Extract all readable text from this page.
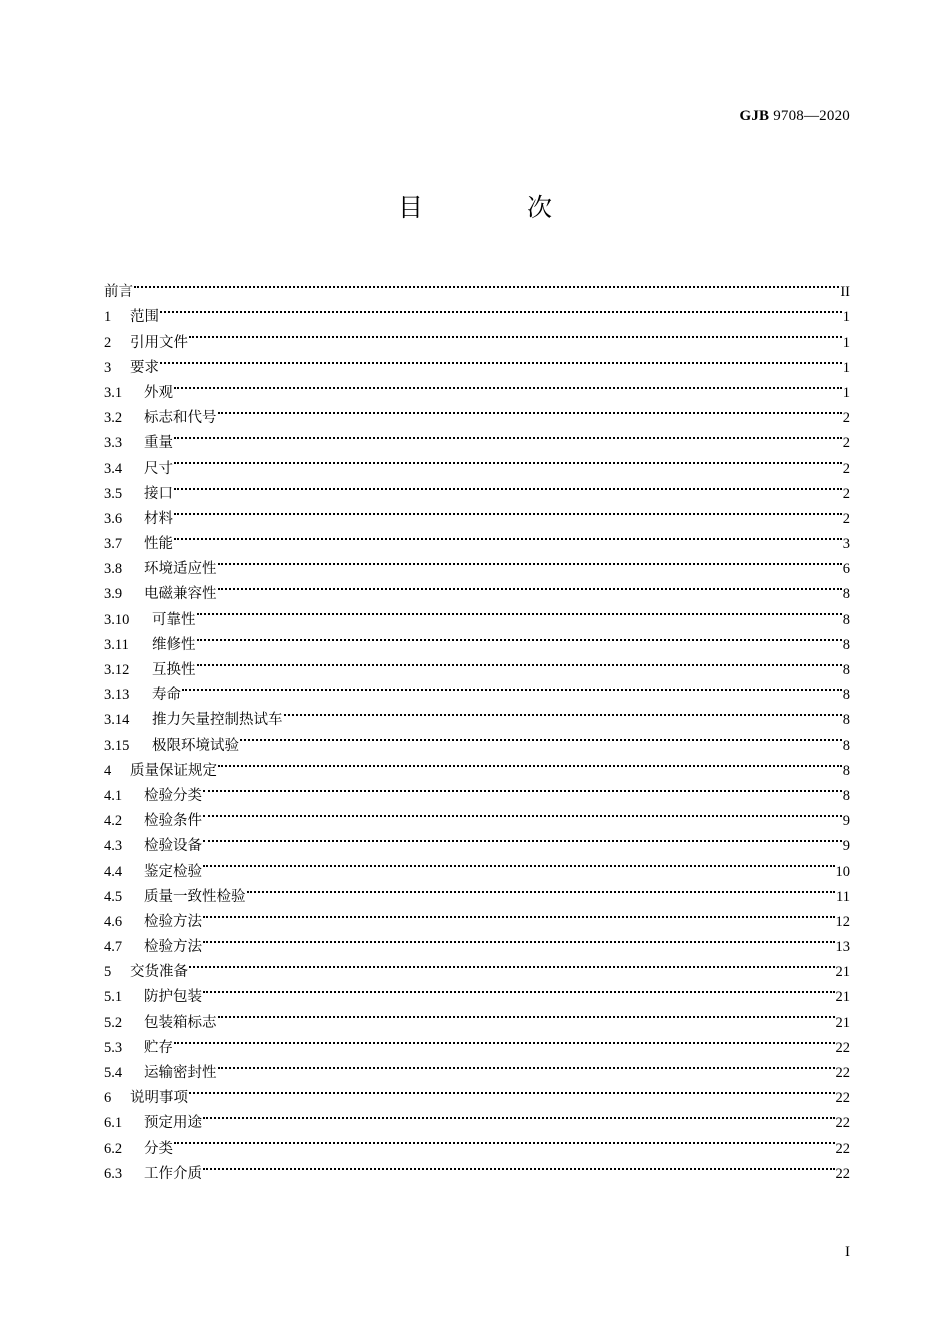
GJB 9708—2020
目 次
前言	II
1	范围	1
2	引用文件	1
3	要求	1
3.1	外观	1
3.2	标志和代号	2
3.3	重量	2
3.4	尺寸	2
3.5	接口	2
3.6	材料	2
3.7	性能	3
3.8	环境适应性	6
3.9	电磁兼容性	8
3.10	可靠性	8
3.11	维修性	8
3.12	互换性	8
3.13	寿命	8
3.14	推力矢量控制热试车	8
3.15	极限环境试验	8
4	质量保证规定	8
4.1	检验分类	8
4.2	检验条件	9
4.3	检验设备	9
4.4	鉴定检验	10
4.5	质量一致性检验	11
4.6	检验方法	12
4.7	检验方法	13
5	交货准备	21
5.1	防护包装	21
5.2	包装箱标志	21
5.3	贮存	22
5.4	运输密封性	22
6	说明事项	22
6.1	预定用途	22
6.2	分类	22
6.3	工作介质	22
I
